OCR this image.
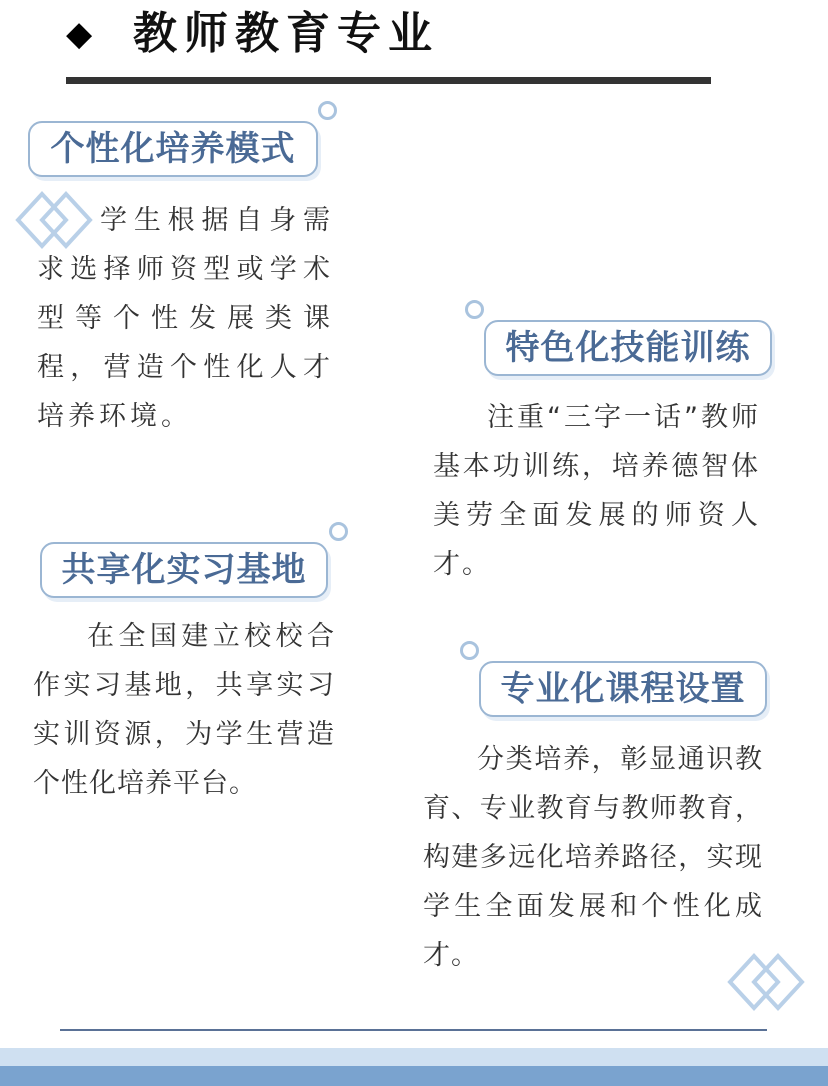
◆ 教师教育专业
个性化培养模式

学生根据自身需求选择师资型或学术型等个性发展类课程，营造个性化人才培养环境。

特色化技能训练

注重“三字一话”教师基本功训练，培养德智体美劳全面发展的师资人才。

共享化实习基地

在全国建立校校合作实习基地，共享实习实训资源，为学生营造个性化培养平台。

专业化课程设置

分类培养，彰显通识教育、专业教育与教师教育，构建多远化培养路径，实现学生全面发展和个性化成才。
